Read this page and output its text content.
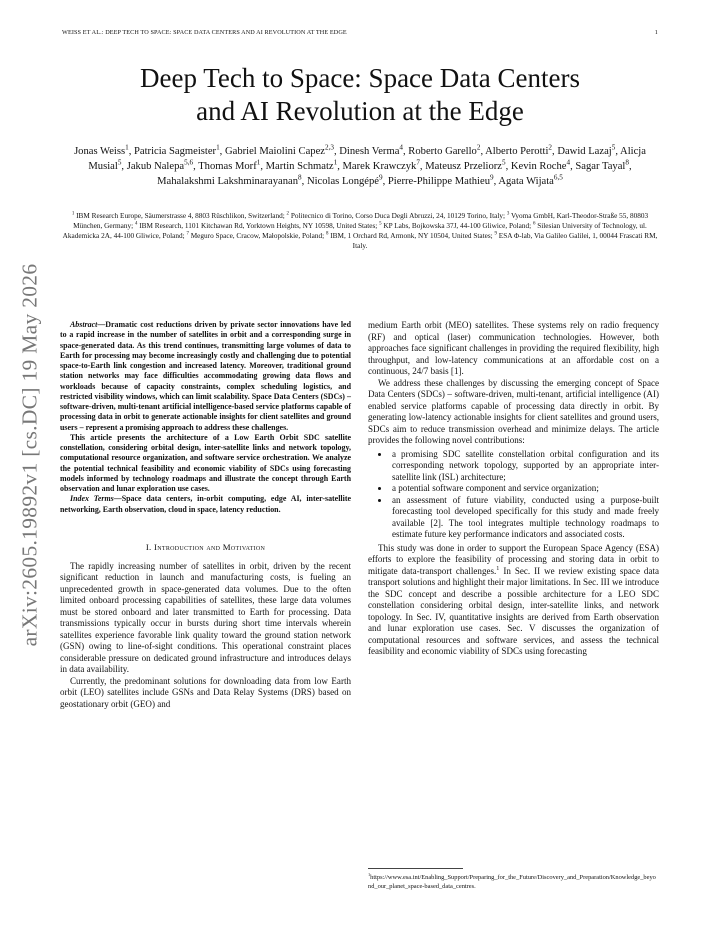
WEISS ET AL.: DEEP TECH TO SPACE: SPACE DATA CENTERS AND AI REVOLUTION AT THE EDGE	1
arXiv:2605.19892v1 [cs.DC] 19 May 2026
Deep Tech to Space: Space Data Centers
and AI Revolution at the Edge
Jonas Weiss$^1$, Patricia Sagmeister$^1$, Gabriel Maiolini Capez$^{2,3}$, Dinesh Verma$^4$, Roberto Garello$^2$, Alberto Perotti$^2$, Dawid Lazaj$^5$, Alicja Musial$^5$, Jakub Nalepa$^{5,6}$, Thomas Morf$^1$, Martin Schmatz$^1$, Marek Krawczyk$^7$, Mateusz Przeliorz$^5$, Kevin Roche$^4$, Sagar Tayal$^8$, Mahalakshmi Lakshminarayanan$^8$, Nicolas Longépé$^9$, Pierre-Philippe Mathieu$^9$, Agata Wijata$^{6,5}$
$^1$ IBM Research Europe, Säumerstrasse 4, 8803 Rüschlikon, Switzerland; $^2$ Politecnico di Torino, Corso Duca Degli Abruzzi, 24, 10129 Torino, Italy; $^3$ Vyoma GmbH, Karl-Theodor-Straße 55, 80803 München, Germany; $^4$ IBM Research, 1101 Kitchawan Rd, Yorktown Heights, NY 10598, United States; $^5$ KP Labs, Bojkowska 37J, 44-100 Gliwice, Poland; $^6$ Silesian University of Technology, ul. Akademicka 2A, 44-100 Gliwice, Poland; $^7$ Meguro Space, Cracow, Małopolskie, Poland; $^8$ IBM, 1 Orchard Rd, Armonk, NY 10504, United States; $^9$ ESA Φ-lab, Via Galileo Galilei, 1, 00044 Frascati RM, Italy.

Abstract—Dramatic cost reductions driven by private sector innovations have led to a rapid increase in the number of satellites in orbit and a corresponding surge in space-generated data. As this trend continues, transmitting large volumes of data to Earth for processing may become increasingly costly and challenging due to potential space-to-Earth link congestion and increased latency. Moreover, traditional ground station networks may face difficulties accommodating growing data flows and workloads because of capacity constraints, complex scheduling logistics, and restricted visibility windows, which can limit scalability. Space Data Centers (SDCs) – software-driven, multi-tenant artificial intelligence-based service platforms capable of processing data in orbit to generate actionable insights for client satellites and ground users – represent a promising approach to address these challenges.

This article presents the architecture of a Low Earth Orbit SDC satellite constellation, considering orbital design, inter-satellite links and network topology, computational resource organization, and software service orchestration. We analyze the potential technical feasibility and economic viability of SDCs using forecasting models informed by technology roadmaps and illustrate the concept through Earth observation and lunar exploration use cases.

Index Terms—Space data centers, in-orbit computing, edge AI, inter-satellite networking, Earth observation, cloud in space, latency reduction.

I. Introduction and Motivation

The rapidly increasing number of satellites in orbit, driven by the recent significant reduction in launch and manufacturing costs, is fueling an unprecedented growth in space-generated data volumes. Due to the often limited onboard processing capabilities of satellites, these large data volumes must be stored onboard and later transmitted to Earth for processing. Data transmissions typically occur in bursts during short time intervals wherein satellites experience favorable link quality toward the ground station network (GSN) owing to line-of-sight conditions. This operational constraint places considerable pressure on dedicated ground infrastructure and introduces delays in data availability.

Currently, the predominant solutions for downloading data from low Earth orbit (LEO) satellites include GSNs and Data Relay Systems (DRS) based on geostationary orbit (GEO) and

medium Earth orbit (MEO) satellites. These systems rely on radio frequency (RF) and optical (laser) communication technologies. However, both approaches face significant challenges in providing the required flexibility, high throughput, and low-latency communications at an affordable cost on a continuous, 24/7 basis [1].

We address these challenges by discussing the emerging concept of Space Data Centers (SDCs) – software-driven, multi-tenant, artificial intelligence (AI) enabled service platforms capable of processing data directly in orbit. By generating low-latency actionable insights for client satellites and ground users, SDCs aim to reduce transmission overhead and minimize delays. The article provides the following novel contributions:

• a promising SDC satellite constellation orbital configuration and its corresponding network topology, supported by an appropriate inter-satellite link (ISL) architecture;
• a potential software component and service organization;
• an assessment of future viability, conducted using a purpose-built forecasting tool developed specifically for this study and made freely available [2]. The tool integrates multiple technology roadmaps to estimate future key performance indicators and associated costs.

This study was done in order to support the European Space Agency (ESA) efforts to explore the feasibility of processing and storing data in orbit to mitigate data-transport challenges.$^1$ In Sec. II we review existing space data transport solutions and highlight their major limitations. In Sec. III we introduce the SDC concept and describe a possible architecture for a LEO SDC constellation considering orbital design, inter-satellite links, and network topology. In Sec. IV, quantitative insights are derived from Earth observation and lunar exploration use cases. Sec. V discusses the organization of computational resources and software services, and assess the technical feasibility and economic viability of SDCs using forecasting

$^1$https://www.esa.int/Enabling_Support/Preparing_for_the_Future/Discovery_and_Preparation/Knowledge_beyond_our_planet_space-based_data_centres.
